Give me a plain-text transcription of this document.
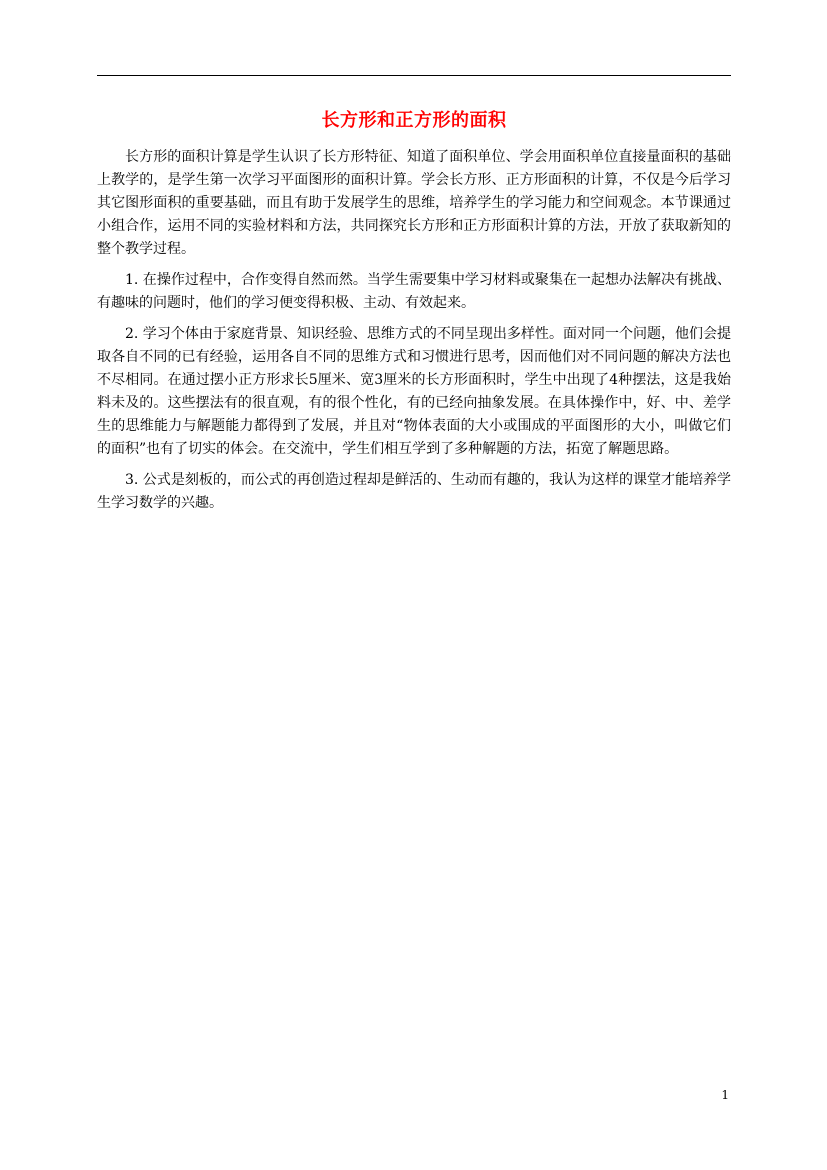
长方形和正方形的面积

长方形的面积计算是学生认识了长方形特征、知道了面积单位、学会用面积单位直接量面积的基础上教学的，是学生第一次学习平面图形的面积计算。学会长方形、正方形面积的计算，不仅是今后学习其它图形面积的重要基础，而且有助于发展学生的思维，培养学生的学习能力和空间观念。本节课通过小组合作，运用不同的实验材料和方法，共同探究长方形和正方形面积计算的方法，开放了获取新知的整个教学过程。

1. 在操作过程中，合作变得自然而然。当学生需要集中学习材料或聚集在一起想办法解决有挑战、有趣味的问题时，他们的学习便变得积极、主动、有效起来。

2. 学习个体由于家庭背景、知识经验、思维方式的不同呈现出多样性。面对同一个问题，他们会提取各自不同的已有经验，运用各自不同的思维方式和习惯进行思考，因而他们对不同问题的解决方法也不尽相同。在通过摆小正方形求长5厘米、宽3厘米的长方形面积时，学生中出现了4种摆法，这是我始料未及的。这些摆法有的很直观，有的很个性化，有的已经向抽象发展。在具体操作中，好、中、差学生的思维能力与解题能力都得到了发展，并且对“物体表面的大小或围成的平面图形的大小，叫做它们的面积”也有了切实的体会。在交流中，学生们相互学到了多种解题的方法，拓宽了解题思路。

3. 公式是刻板的，而公式的再创造过程却是鲜活的、生动而有趣的，我认为这样的课堂才能培养学生学习数学的兴趣。

1
